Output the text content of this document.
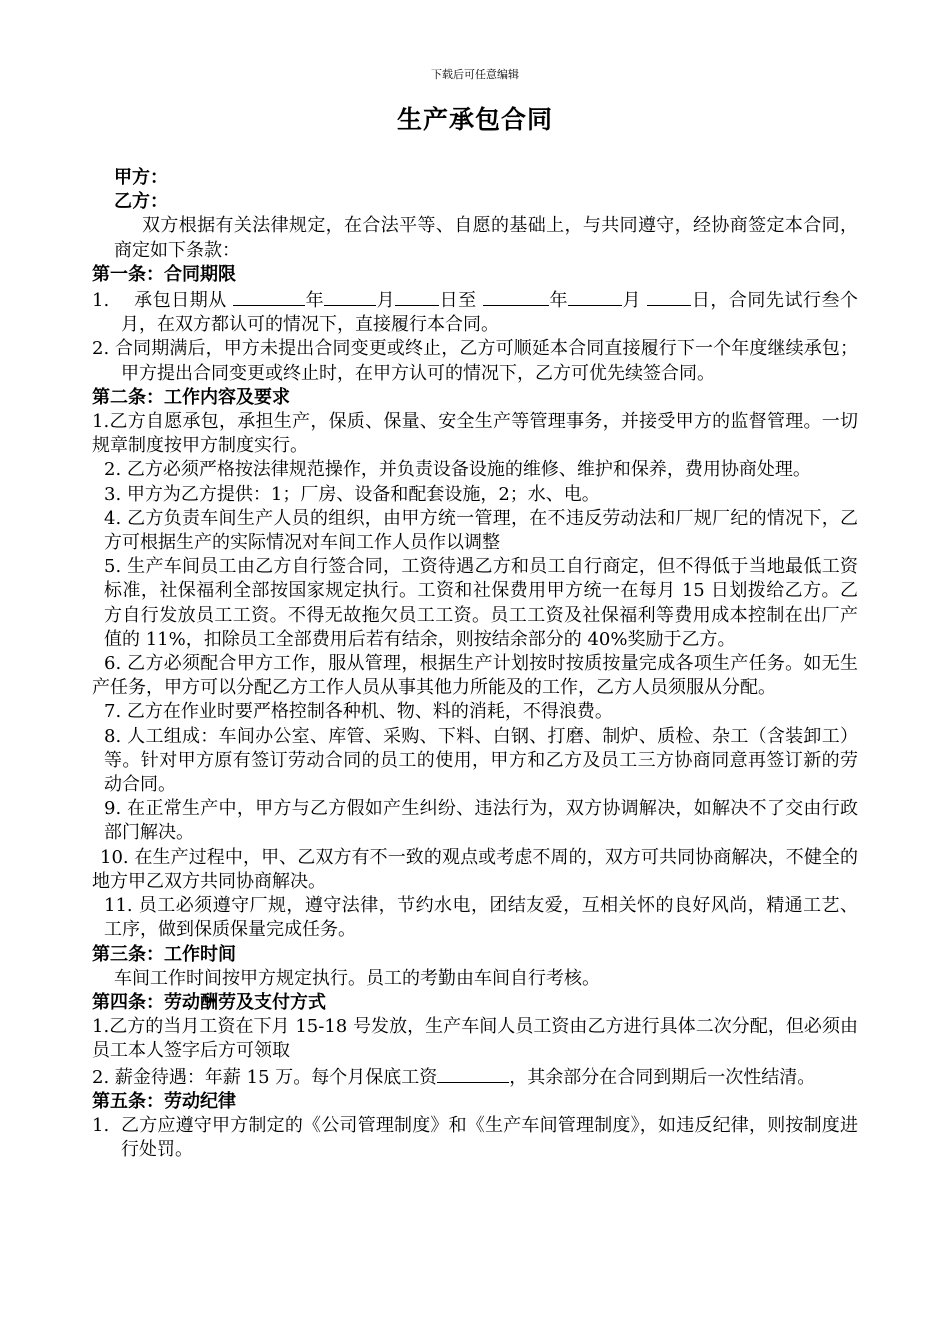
下载后可任意编辑
生产承包合同

甲方：

乙方：

双方根据有关法律规定，在合法平等、自愿的基础上，与共同遵守，经协商签定本合同，商定如下条款：

第一条：合同期限

1. 承包日期从	年	月 日至	年	月	日，合同先试行叁个月，在双方都认可的情况下，直接履行本合同。

2. 合同期满后，甲方未提出合同变更或终止，乙方可顺延本合同直接履行下一个年度继续承包；甲方提出合同变更或终止时，在甲方认可的情况下，乙方可优先续签合同。

第二条：工作内容及要求

1.乙方自愿承包，承担生产，保质、保量、安全生产等管理事务，并接受甲方的监督管理。一切规章制度按甲方制度实行。

2. 乙方必须严格按法律规范操作，并负责设备设施的维修、维护和保养，费用协商处理。

3. 甲方为乙方提供：1；厂房、设备和配套设施，2；水、电。

4. 乙方负责车间生产人员的组织，由甲方统一管理，在不违反劳动法和厂规厂纪的情况下，乙方可根据生产的实际情况对车间工作人员作以调整

5. 生产车间员工由乙方自行签合同，工资待遇乙方和员工自行商定，但不得低于当地最低工资标准，社保福利全部按国家规定执行。工资和社保费用甲方统一在每月 15 日划拨给乙方。乙方自行发放员工工资。不得无故拖欠员工工资。员工工资及社保福利等费用成本控制在出厂产值的 11%，扣除员工全部费用后若有结余，则按结余部分的 40%奖励于乙方。

6. 乙方必须配合甲方工作，服从管理，根据生产计划按时按质按量完成各项生产任务。如无生产任务，甲方可以分配乙方工作人员从事其他力所能及的工作，乙方人员须服从分配。

7. 乙方在作业时要严格控制各种机、物、料的消耗，不得浪费。

8. 人工组成：车间办公室、库管、采购、下料、白钢、打磨、制炉、质检、杂工（含装卸工）等。针对甲方原有签订劳动合同的员工的使用，甲方和乙方及员工三方协商同意再签订新的劳动合同。

9. 在正常生产中，甲方与乙方假如产生纠纷、违法行为，双方协调解决，如解决不了交由行政部门解决。

10. 在生产过程中，甲、乙双方有不一致的观点或考虑不周的，双方可共同协商解决，不健全的地方甲乙双方共同协商解决。

11. 员工必须遵守厂规，遵守法律，节约水电，团结友爱，互相关怀的良好风尚，精通工艺、工序，做到保质保量完成任务。

第三条：工作时间

车间工作时间按甲方规定执行。员工的考勤由车间自行考核。

第四条：劳动酬劳及支付方式

1.乙方的当月工资在下月 15-18 号发放，生产车间人员工资由乙方进行具体二次分配，但必须由员工本人签字后方可领取

2. 薪金待遇：年薪 15 万。每个月保底工资	，其余部分在合同到期后一次性结清。

第五条：劳动纪律

1. 乙方应遵守甲方制定的《公司管理制度》和《生产车间管理制度》，如违反纪律，则按制度进行处罚。
